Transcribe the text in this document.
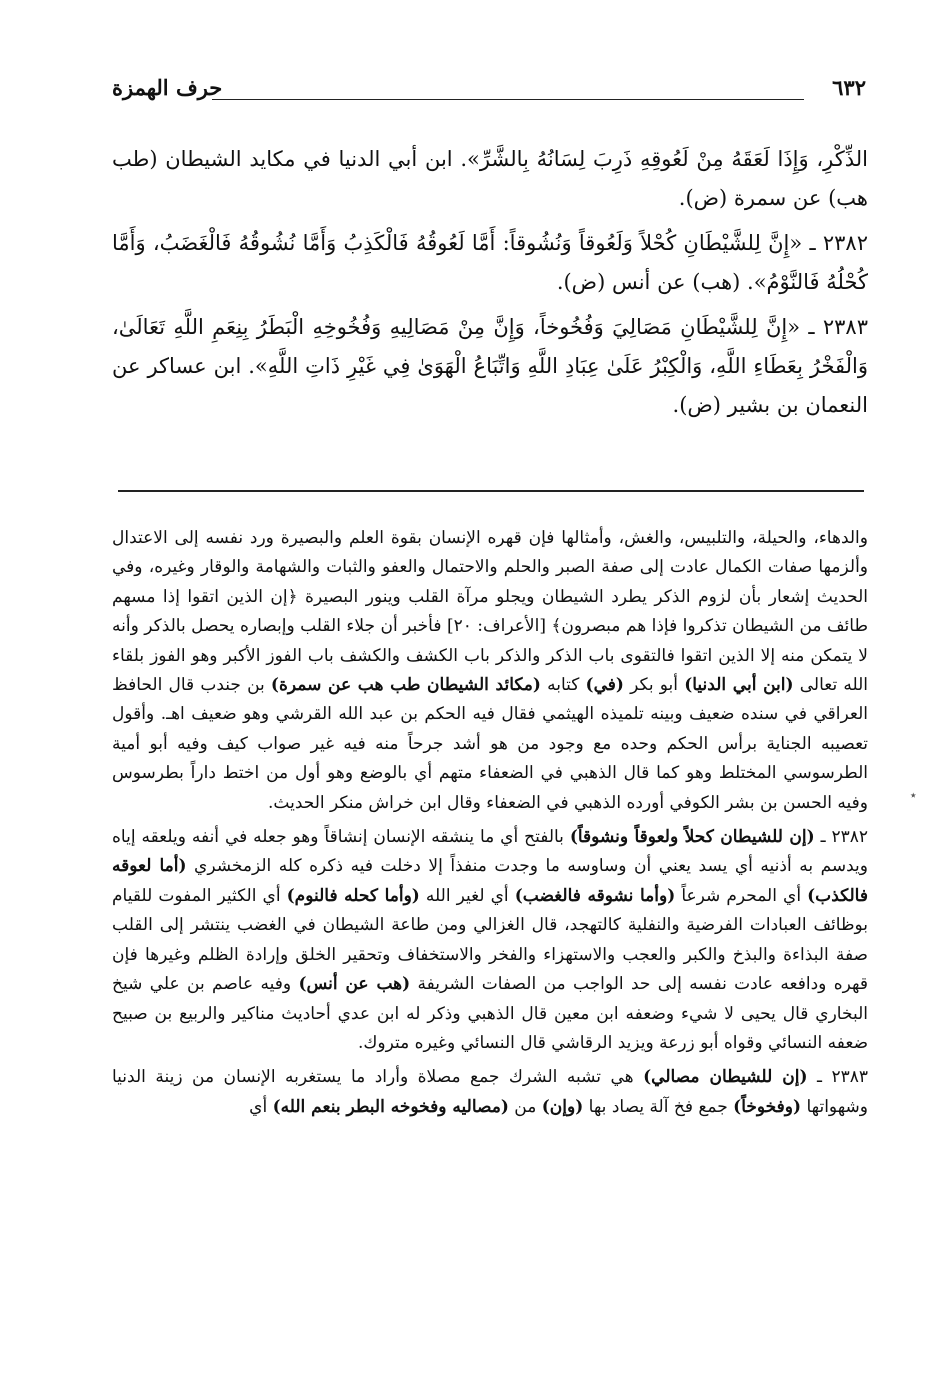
٦٣٢
حرف الهمزة

الذِّكْرِ، وَإِذَا لَعَقَهُ مِنْ لَعُوقِهِ ذَرِبَ لِسَانُهُ بِالشَّرِّ». ابن أبي الدنيا في مكايد الشيطان (طب هب) عن سمرة (ض).

٢٣٨٢ ـ «إِنَّ لِلشَّيْطَانِ كُحْلاً وَلَعُوقاً وَنُشُوقاً: أَمَّا لَعُوقُهُ فَالْكَذِبُ وَأَمَّا نُشُوقُهُ فَالْغَضَبُ، وَأَمَّا كُحْلُهُ فَالنَّوْمُ». (هب) عن أنس (ض).

٢٣٨٣ ـ «إِنَّ لِلشَّيْطَانِ مَصَالِيَ وَفُخُوخاً، وَإِنَّ مِنْ مَصَالِيهِ وَفُخُوخِهِ الْبَطَرُ بِنِعَمِ اللَّهِ تَعَالَىٰ، وَالْفَخْرُ بِعَطَاءِ اللَّهِ، وَالْكِبْرُ عَلَىٰ عِبَادِ اللَّهِ وَاتِّبَاعُ الْهَوَىٰ فِي غَيْرِ ذَاتِ اللَّهِ». ابن عساكر عن النعمان بن بشير (ض).

والدهاء، والحيلة، والتلبيس، والغش، وأمثالها فإن قهره الإنسان بقوة العلم والبصيرة ورد نفسه إلى الاعتدال وألزمها صفات الكمال عادت إلى صفة الصبر والحلم والاحتمال والعفو والثبات والشهامة والوقار وغيره، وفي الحديث إشعار بأن لزوم الذكر يطرد الشيطان ويجلو مرآة القلب وينور البصيرة ﴿إن الذين اتقوا إذا مسهم طائف من الشيطان تذكروا فإذا هم مبصرون﴾ [الأعراف: ٢٠] فأخبر أن جلاء القلب وإبصاره يحصل بالذكر وأنه لا يتمكن منه إلا الذين اتقوا فالتقوى باب الذكر والذكر باب الكشف والكشف باب الفوز الأكبر وهو الفوز بلقاء الله تعالى (ابن أبي الدنيا) أبو بكر (في) كتابه (مكائد الشيطان طب هب عن سمرة) بن جندب قال الحافظ العراقي في سنده ضعيف وبينه تلميذه الهيثمي فقال فيه الحكم بن عبد الله القرشي وهو ضعيف اهـ. وأقول تعصيبه الجناية برأس الحكم وحده مع وجود من هو أشد جرحاً منه فيه غير صواب كيف وفيه أبو أمية الطرسوسي المختلط وهو كما قال الذهبي في الضعفاء متهم أي بالوضع وهو أول من اختط داراً بطرسوس وفيه الحسن بن بشر الكوفي أورده الذهبي في الضعفاء وقال ابن خراش منكر الحديث.

٢٣٨٢ ـ (إن للشيطان كحلاً ولعوقاً ونشوقاً) بالفتح أي ما ينشقه الإنسان إنشاقاً وهو جعله في أنفه ويلعقه إياه ويدسم به أذنيه أي يسد يعني أن وساوسه ما وجدت منفذاً إلا دخلت فيه ذكره كله الزمخشري (أما لعوقه فالكذب) أي المحرم شرعاً (وأما نشوقه فالغضب) أي لغير الله (وأما كحله فالنوم) أي الكثير المفوت للقيام بوظائف العبادات الفرضية والنفلية كالتهجد، قال الغزالي ومن طاعة الشيطان في الغضب ينتشر إلى القلب صفة البذاءة والبذخ والكبر والعجب والاستهزاء والفخر والاستخفاف وتحقير الخلق وإرادة الظلم وغيرها فإن قهره ودافعه عادت نفسه إلى حد الواجب من الصفات الشريفة (هب عن أنس) وفيه عاصم بن علي شيخ البخاري قال يحيى لا شيء وضعفه ابن معين قال الذهبي وذكر له ابن عدي أحاديث مناكير والربيع بن صبيح ضعفه النسائي وقواه أبو زرعة ويزيد الرقاشي قال النسائي وغيره متروك.

٢٣٨٣ ـ (إن للشيطان مصالي) هي تشبه الشرك جمع مصلاة وأراد ما يستغربه الإنسان من زينة الدنيا وشهواتها (وفخوخاً) جمع فخ آلة يصاد بها (وإن) من (مصاليه وفخوخه البطر بنعم الله) أي

٭
